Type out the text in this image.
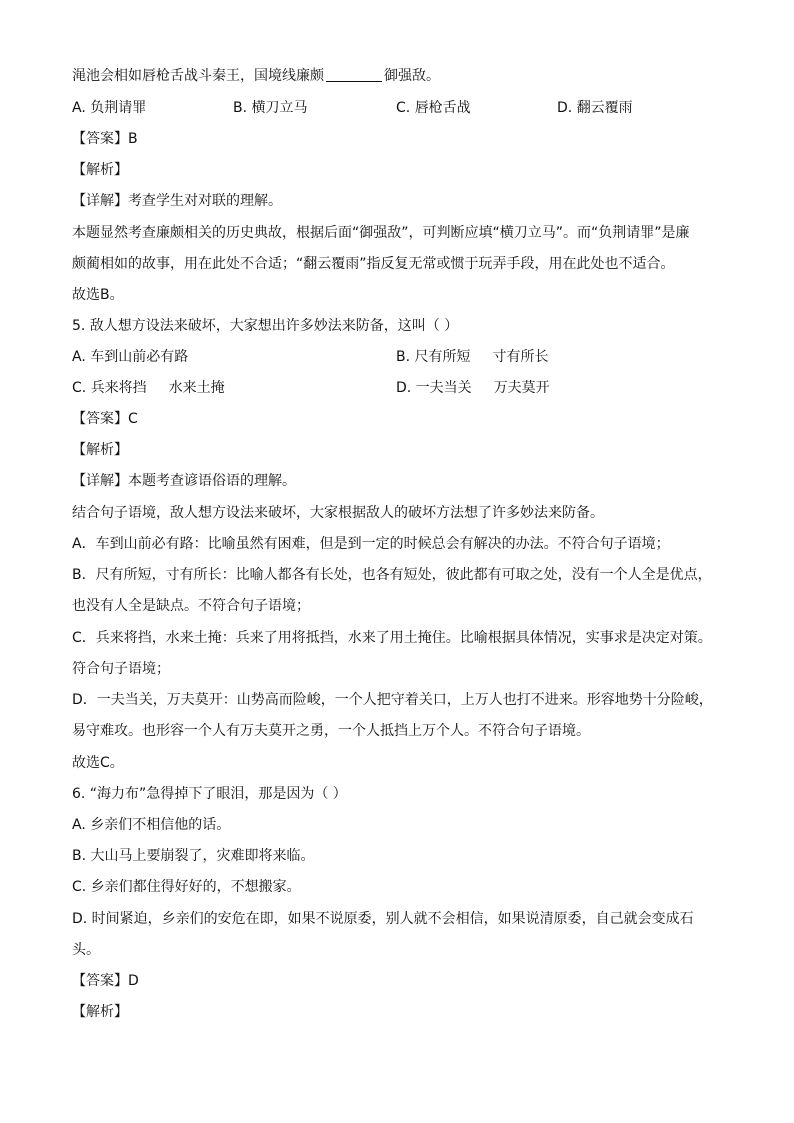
渑池会相如唇枪舌战斗秦王，国境线廉颇	御强敌。
A. 负荆请罪	B. 横刀立马	C. 唇枪舌战	D. 翻云覆雨
【答案】B
【解析】
【详解】考查学生对对联的理解。
本题显然考查廉颇相关的历史典故，根据后面“御强敌”，可判断应填“横刀立马”。而“负荆请罪”是廉
颇蔺相如的故事，用在此处不合适；“翻云覆雨”指反复无常或惯于玩弄手段，用在此处也不适合。
故选B。
5. 敌人想方设法来破坏，大家想出许多妙法来防备，这叫（ ）
A. 车到山前必有路	B. 尺有所短 寸有所长
C. 兵来将挡 水来土掩	D. 一夫当关 万夫莫开
【答案】C
【解析】
【详解】本题考查谚语俗语的理解。
结合句子语境，敌人想方设法来破坏，大家根据敌人的破坏方法想了许多妙法来防备。
A．车到山前必有路：比喻虽然有困难，但是到一定的时候总会有解决的办法。不符合句子语境；
B．尺有所短，寸有所长：比喻人都各有长处，也各有短处，彼此都有可取之处，没有一个人全是优点，
也没有人全是缺点。不符合句子语境；
C．兵来将挡，水来土掩：兵来了用将抵挡，水来了用土掩住。比喻根据具体情况，实事求是决定对策。
符合句子语境；
D．一夫当关，万夫莫开：山势高而险峻，一个人把守着关口，上万人也打不进来。形容地势十分险峻，
易守难攻。也形容一个人有万夫莫开之勇，一个人抵挡上万个人。不符合句子语境。
故选C。
6. “海力布”急得掉下了眼泪，那是因为（ ）
A. 乡亲们不相信他的话。
B. 大山马上要崩裂了，灾难即将来临。
C. 乡亲们都住得好好的，不想搬家。
D. 时间紧迫，乡亲们的安危在即，如果不说原委，别人就不会相信，如果说清原委，自己就会变成石
头。
【答案】D
【解析】
